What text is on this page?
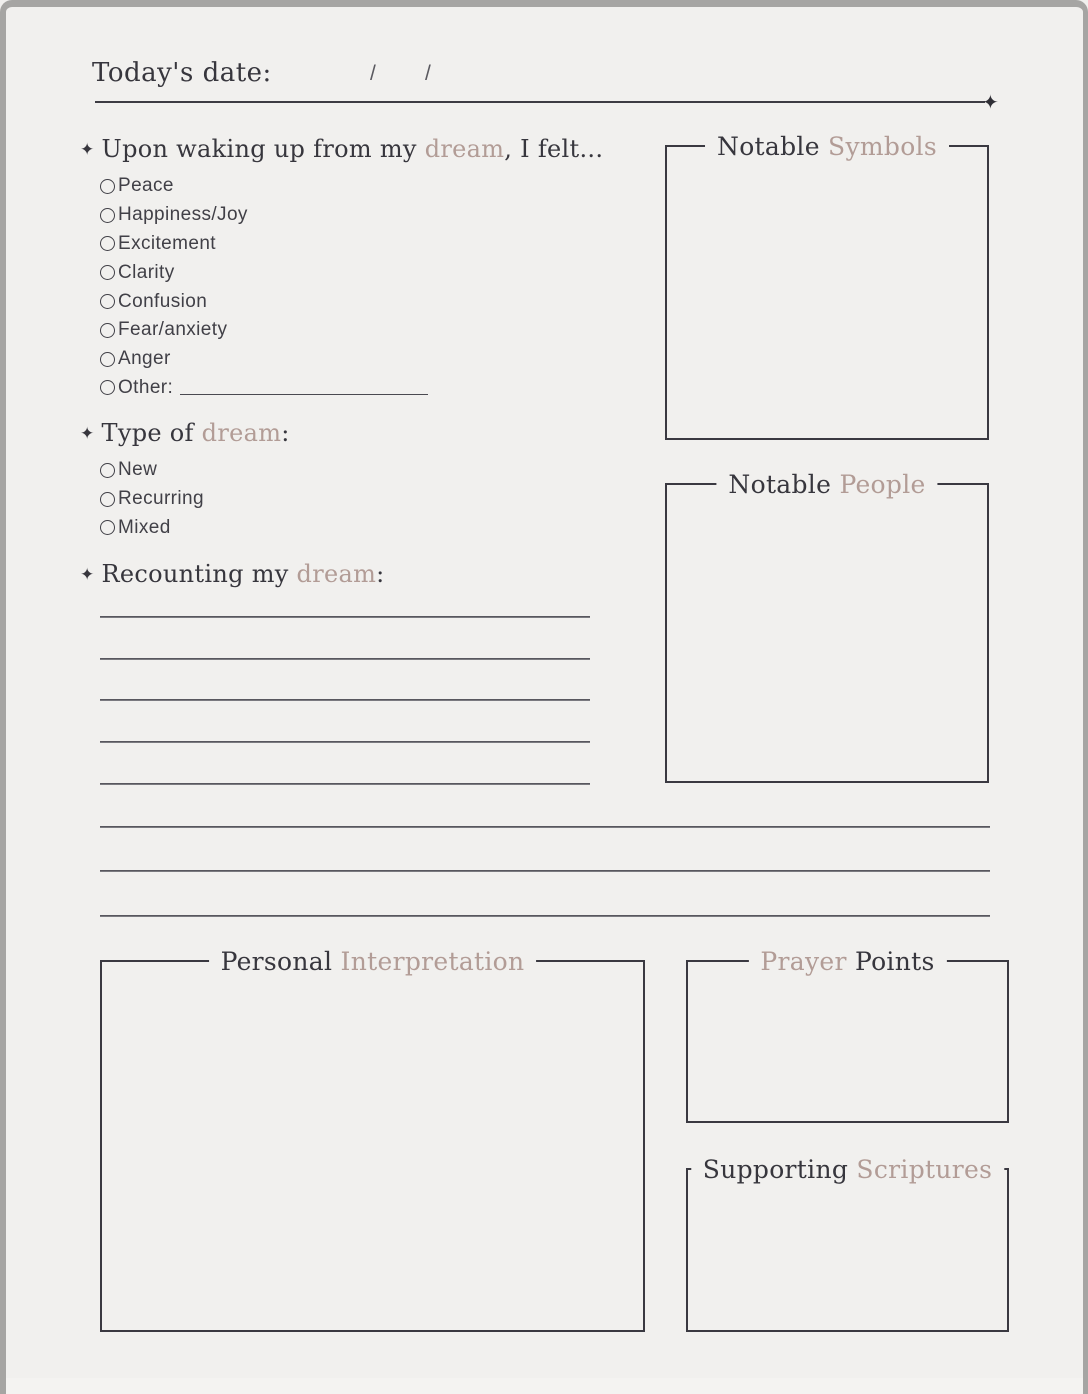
Today's date:	/ /
✦
✦ Upon waking up from my dream, I felt...
Peace
Happiness/Joy
Excitement
Clarity
Confusion
Fear/anxiety
Anger
Other:
✦ Type of dream:
New
Recurring
Mixed
✦ Recounting my dream:
Notable Symbols
Notable People
Personal Interpretation	Prayer Points
Supporting Scriptures
